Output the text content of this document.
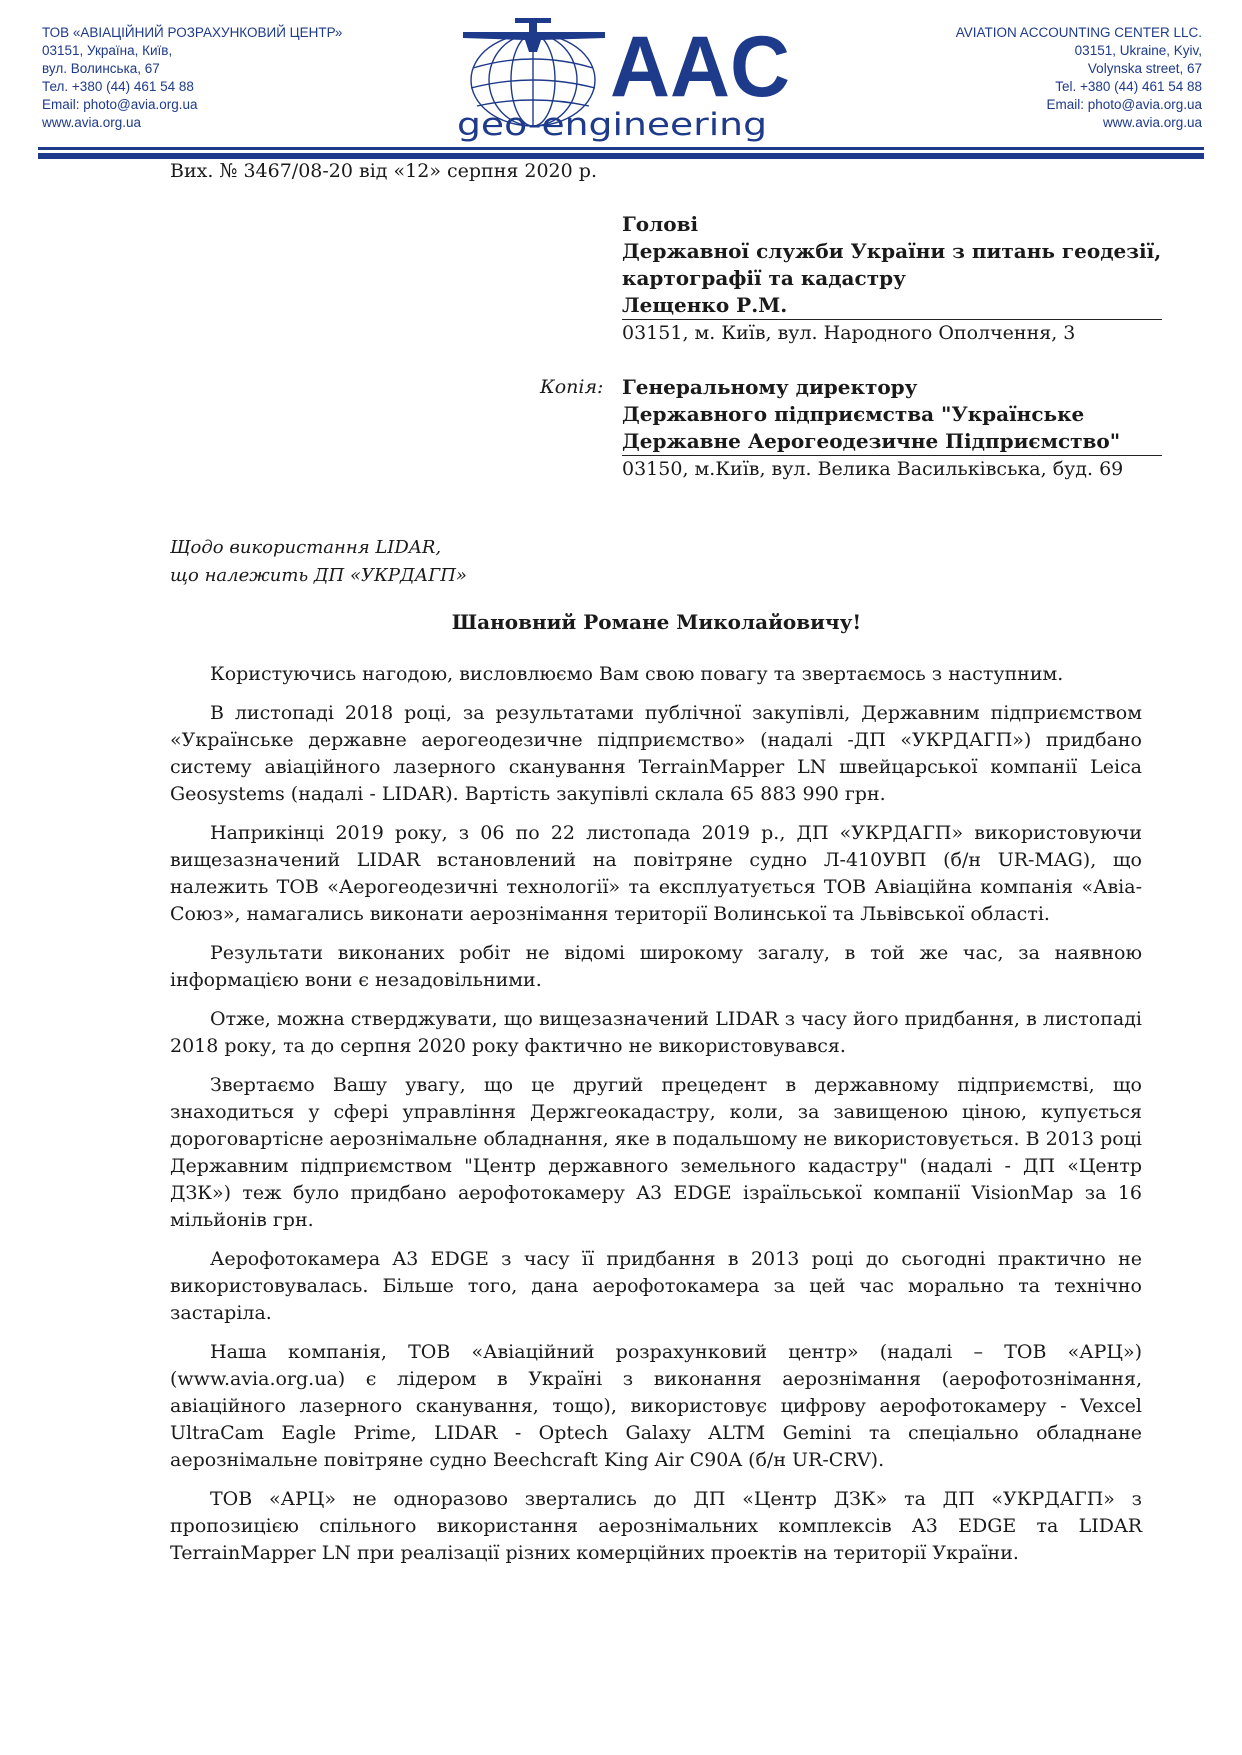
ТОВ «АВІАЦІЙНИЙ РОЗРАХУНКОВИЙ ЦЕНТР»
03151, Україна, Київ,
вул. Волинська, 67
Тел. +380 (44) 461 54 88
Email: photo@avia.org.ua
www.avia.org.ua
AAC
geo-engineering
AVIATION ACCOUNTING CENTER LLC.
03151, Ukraine, Kyiv,
Volynska street, 67
Tel. +380 (44) 461 54 88
Email: photo@avia.org.ua
www.avia.org.ua
Вих. № 3467/08-20 від «12» серпня 2020 р.
Голові
Державної служби України з питань геодезії,
картографії та кадастру
Лещенко Р.М.
03151, м. Київ, вул. Народного Ополчення, 3
Копія: Генеральному директору
Державного підприємства "Українське
Державне Аерогеодезичне Підприємство"
03150, м.Київ, вул. Велика Васильківська, буд. 69
Щодо використання LIDAR,
що належить ДП «УКРДАГП»
Шановний Романе Миколайовичу!

Користуючись нагодою, висловлюємо Вам свою повагу та звертаємось з наступним.

В листопаді 2018 році, за результатами публічної закупівлі, Державним підприємством «Українське державне аерогеодезичне підприємство» (надалі -ДП «УКРДАГП») придбано систему авіаційного лазерного сканування TerrainMapper LN швейцарської компанії Leica Geosystems (надалі - LIDAR). Вартість закупівлі склала 65 883 990 грн.

Наприкінці 2019 року, з 06 по 22 листопада 2019 р., ДП «УКРДАГП» використовуючи вищезазначений LIDAR встановлений на повітряне судно Л-410УВП (б/н UR-MAG), що належить ТОВ «Аерогеодезичні технології» та експлуатується ТОВ Авіаційна компанія «Авіа-Союз», намагались виконати аерознімання території Волинської та Львівської області.

Результати виконаних робіт не відомі широкому загалу, в той же час, за наявною інформацією вони є незадовільними.

Отже, можна стверджувати, що вищезазначений LIDAR з часу його придбання, в листопаді 2018 року, та до серпня 2020 року фактично не використовувався.

Звертаємо Вашу увагу, що це другий прецедент в державному підприємстві, що знаходиться у сфері управління Держгеокадастру, коли, за завищеною ціною, купується дороговартісне аерознімальне обладнання, яке в подальшому не використовується. В 2013 році Державним підприємством "Центр державного земельного кадастру" (надалі - ДП «Центр ДЗК») теж було придбано аерофотокамеру A3 EDGE ізраїльської компанії VisionMap за 16 мільйонів грн.

Аерофотокамера A3 EDGE з часу її придбання в 2013 році до сьогодні практично не використовувалась. Більше того, дана аерофотокамера за цей час морально та технічно застаріла.

Наша компанія, ТОВ «Авіаційний розрахунковий центр» (надалі – ТОВ «АРЦ») (www.avia.org.ua) є лідером в Україні з виконання аерознімання (аерофотознімання, авіаційного лазерного сканування, тощо), використовує цифрову аерофотокамеру - Vexcel UltraCam Eagle Prime, LIDAR - Optech Galaxy ALTM Gemini та спеціально обладнане аерознімальне повітряне судно Beechcraft King Air C90A (б/н UR-CRV).

ТОВ «АРЦ» не одноразово звертались до ДП «Центр ДЗК» та ДП «УКРДАГП» з пропозицією спільного використання аерознімальних комплексів A3 EDGE та LIDAR TerrainMapper LN при реалізації різних комерційних проектів на території України.
